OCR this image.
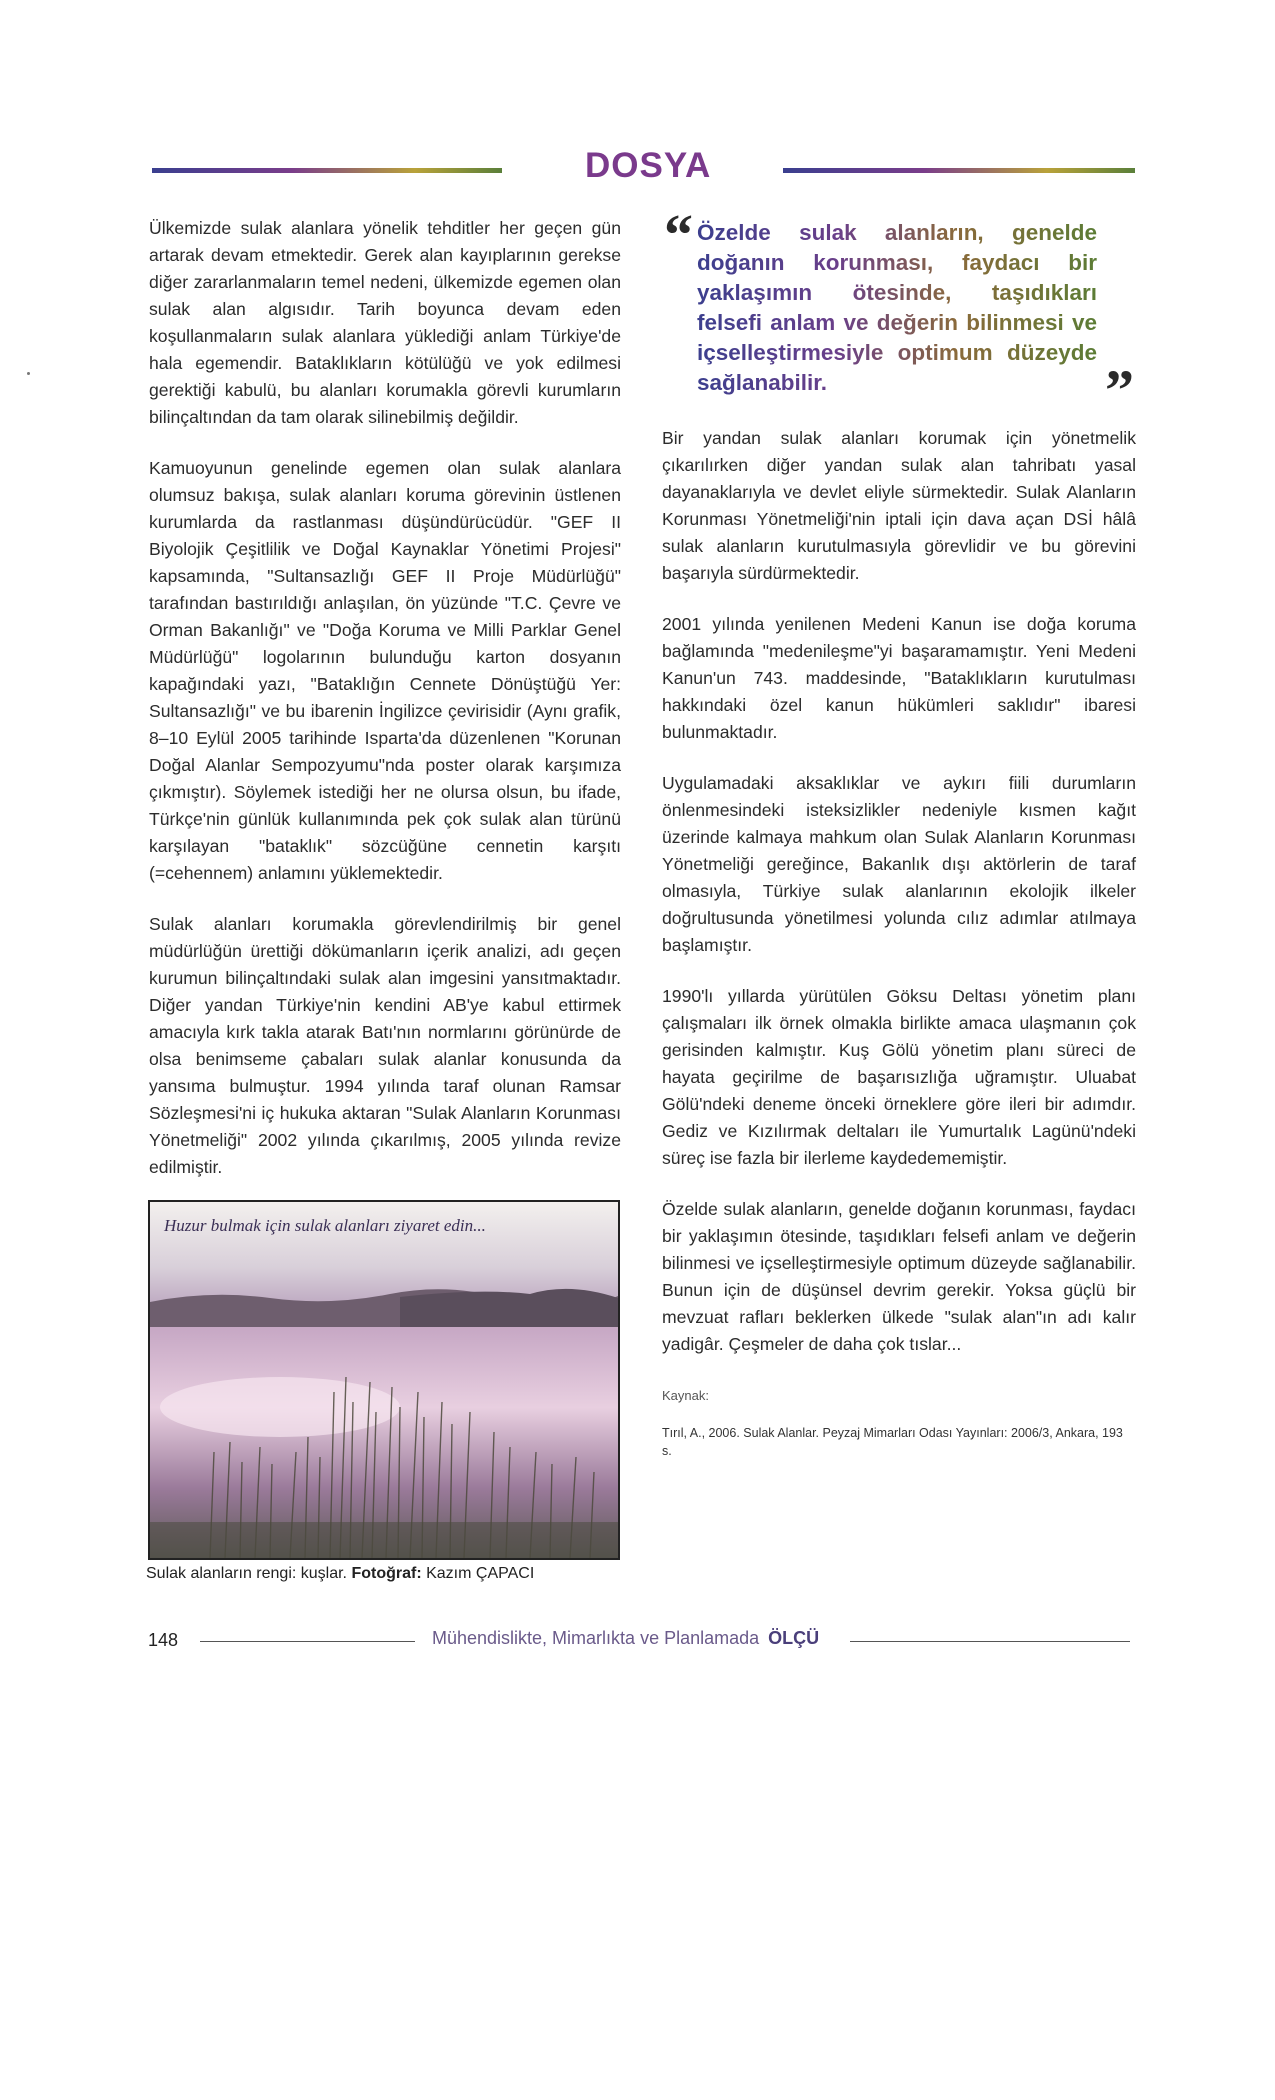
DOSYA

Ülkemizde sulak alanlara yönelik tehditler her geçen gün artarak devam etmektedir. Gerek alan kayıplarının gerekse diğer zararlanmaların temel nedeni, ülkemizde egemen olan sulak alan algısıdır. Tarih boyunca devam eden koşullanmaların sulak alanlara yüklediği anlam Türkiye'de hala egemendir. Bataklıkların kötülüğü ve yok edilmesi gerektiği kabulü, bu alanları korumakla görevli kurumların bilinçaltından da tam olarak silinebilmiş değildir.

Kamuoyunun genelinde egemen olan sulak alanlara olumsuz bakışa, sulak alanları koruma görevinin üstlenen kurumlarda da rastlanması düşündürücüdür. "GEF II Biyolojik Çeşitlilik ve Doğal Kaynaklar Yönetimi Projesi" kapsamında, "Sultansazlığı GEF II Proje Müdürlüğü" tarafından bastırıldığı anlaşılan, ön yüzünde "T.C. Çevre ve Orman Bakanlığı" ve "Doğa Koruma ve Milli Parklar Genel Müdürlüğü" logolarının bulunduğu karton dosyanın kapağındaki yazı, "Bataklığın Cennete Dönüştüğü Yer: Sultansazlığı" ve bu ibarenin İngilizce çevirisidir (Aynı grafik, 8–10 Eylül 2005 tarihinde Isparta'da düzenlenen "Korunan Doğal Alanlar Sempozyumu"nda poster olarak karşımıza çıkmıştır). Söylemek istediği her ne olursa olsun, bu ifade, Türkçe'nin günlük kullanımında pek çok sulak alan türünü karşılayan "bataklık" sözcüğüne cennetin karşıtı (=cehennem) anlamını yüklemektedir.

Sulak alanları korumakla görevlendirilmiş bir genel müdürlüğün ürettiği dökümanların içerik analizi, adı geçen kurumun bilinçaltındaki sulak alan imgesini yansıtmaktadır. Diğer yandan Türkiye'nin kendini AB'ye kabul ettirmek amacıyla kırk takla atarak Batı'nın normlarını görünürde de olsa benimseme çabaları sulak alanlar konusunda da yansıma bulmuştur. 1994 yılında taraf olunan Ramsar Sözleşmesi'ni iç hukuka aktaran "Sulak Alanların Korunması Yönetmeliği" 2002 yılında çıkarılmış, 2005 yılında revize edilmiştir.

Huzur bulmak için sulak alanları ziyaret edin...
Sulak alanların rengi: kuşlar. Fotoğraf: Kazım ÇAPACI
“ Özelde sulak alanların, genelde doğanın korunması, faydacı bir yaklaşımın ötesinde, taşıdıkları felsefi anlam ve değerin bilinmesi ve içselleştirmesiyle optimum düzeyde sağlanabilir.	”

Bir yandan sulak alanları korumak için yönetmelik çıkarılırken diğer yandan sulak alan tahribatı yasal dayanaklarıyla ve devlet eliyle sürmektedir. Sulak Alanların Korunması Yönetmeliği'nin iptali için dava açan DSİ hâlâ sulak alanların kurutulmasıyla görevlidir ve bu görevini başarıyla sürdürmektedir.

2001 yılında yenilenen Medeni Kanun ise doğa koruma bağlamında "medenileşme"yi başaramamıştır. Yeni Medeni Kanun'un 743. maddesinde, "Bataklıkların kurutulması hakkındaki özel kanun hükümleri saklıdır" ibaresi bulunmaktadır.

Uygulamadaki aksaklıklar ve aykırı fiili durumların önlenmesindeki isteksizlikler nedeniyle kısmen kağıt üzerinde kalmaya mahkum olan Sulak Alanların Korunması Yönetmeliği gereğince, Bakanlık dışı aktörlerin de taraf olmasıyla, Türkiye sulak alanlarının ekolojik ilkeler doğrultusunda yönetilmesi yolunda cılız adımlar atılmaya başlamıştır.

1990'lı yıllarda yürütülen Göksu Deltası yönetim planı çalışmaları ilk örnek olmakla birlikte amaca ulaşmanın çok gerisinden kalmıştır. Kuş Gölü yönetim planı süreci de hayata geçirilme de başarısızlığa uğramıştır. Uluabat Gölü'ndeki deneme önceki örneklere göre ileri bir adımdır. Gediz ve Kızılırmak deltaları ile Yumurtalık Lagünü'ndeki süreç ise fazla bir ilerleme kaydedememiştir.

Özelde sulak alanların, genelde doğanın korunması, faydacı bir yaklaşımın ötesinde, taşıdıkları felsefi anlam ve değerin bilinmesi ve içselleştirmesiyle optimum düzeyde sağlanabilir. Bunun için de düşünsel devrim gerekir. Yoksa güçlü bir mevzuat rafları beklerken ülkede "sulak alan"ın adı kalır yadigâr. Çeşmeler de daha çok tıslar...

Kaynak:
Tırıl, A., 2006. Sulak Alanlar. Peyzaj Mimarları Odası Yayınları: 2006/3, Ankara, 193 s.
148	Mühendislikte, Mimarlıkta ve Planlamada ÖLÇÜ
